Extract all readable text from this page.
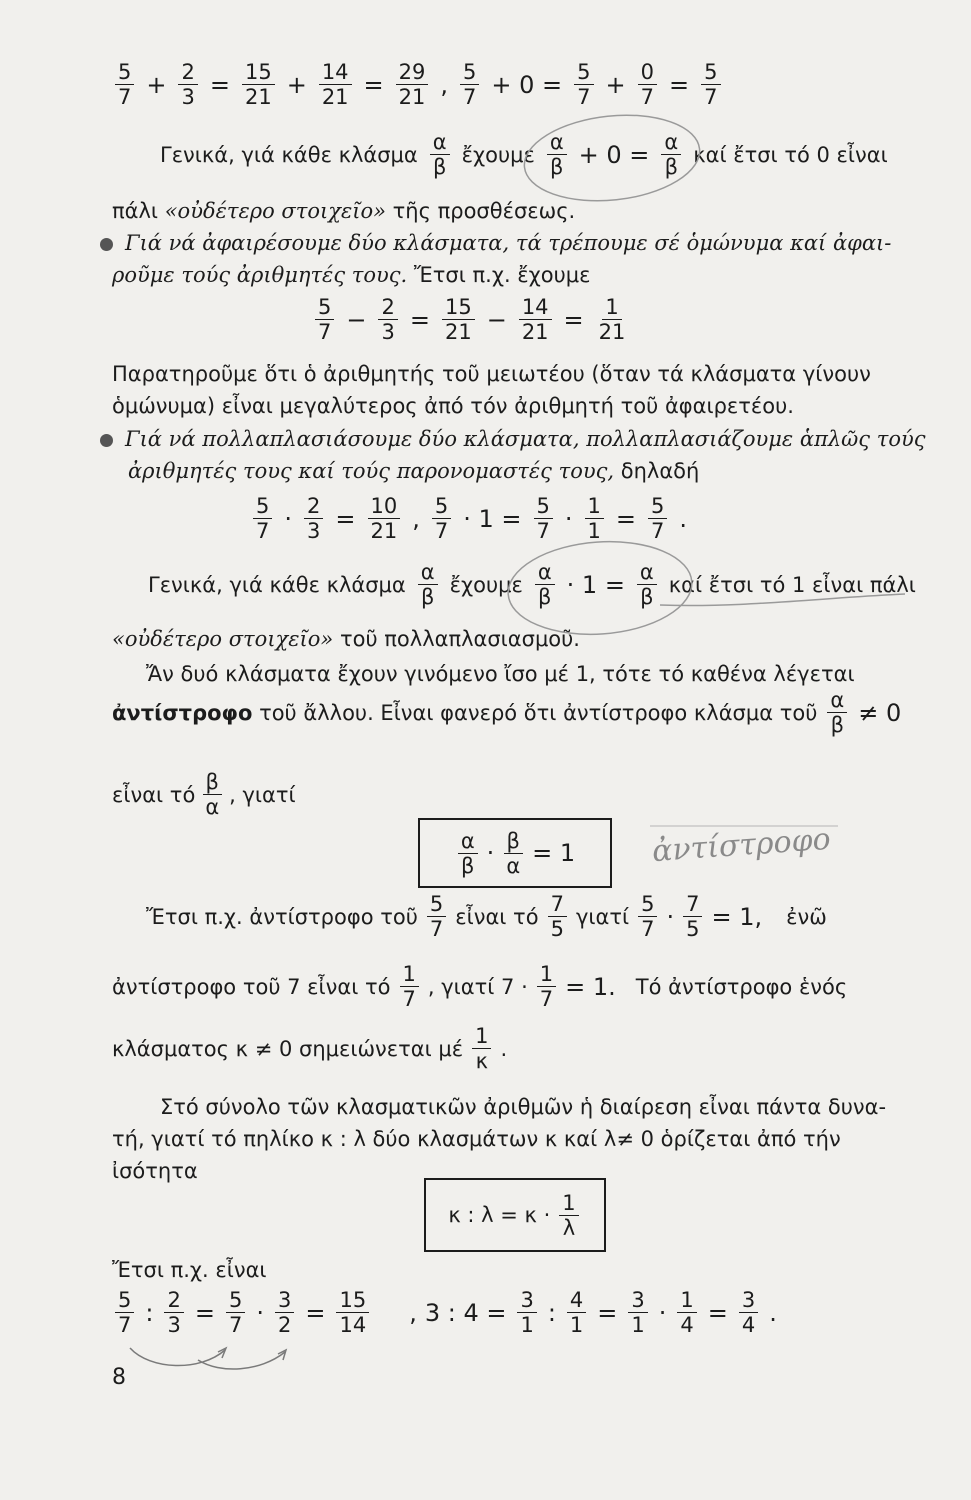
$\frac{5}{7} + \frac{2}{3} = \frac{15}{21} + \frac{14}{21} = \frac{29}{21}$ , $\frac{5}{7} + 0 = \frac{5}{7} + \frac{0}{7} = \frac{5}{7}$
Γενικά, γιά κάθε κλάσμα $\frac{\alpha}{\beta}$ ἔχουμε $\frac{\alpha}{\beta} + 0 = \frac{\alpha}{\beta}$ καί ἔτσι τό 0 εἶναι
πάλι «οὐδέτερο στοιχεῖο» τῆς προσθέσεως.
Γιά νά ἀφαιρέσουμε δύο κλάσματα, τά τρέπουμε σέ ὁμώνυμα καί ἀφαι-
ροῦμε τούς ἀριθμητές τους. Ἔτσι π.χ. ἔχουμε
$\frac{5}{7} - \frac{2}{3} = \frac{15}{21} - \frac{14}{21} = \frac{1}{21}$
Παρατηροῦμε ὅτι ὁ ἀριθμητής τοῦ μειωτέου (ὅταν τά κλάσματα γίνουν
ὁμώνυμα) εἶναι μεγαλύτερος ἀπό τόν ἀριθμητή τοῦ ἀφαιρετέου.
Γιά νά πολλαπλασιάσουμε δύο κλάσματα, πολλαπλασιάζουμε ἁπλῶς τούς
ἀριθμητές τους καί τούς παρονομαστές τους, δηλαδή
$\frac{5}{7} \cdot \frac{2}{3} = \frac{10}{21}$ , $\frac{5}{7} \cdot 1 = \frac{5}{7} \cdot \frac{1}{1} = \frac{5}{7}$ .
Γενικά, γιά κάθε κλάσμα $\frac{\alpha}{\beta}$ ἔχουμε $\frac{\alpha}{\beta} \cdot 1 = \frac{\alpha}{\beta}$ καί ἔτσι τό 1 εἶναι πάλι
«οὐδέτερο στοιχεῖο» τοῦ πολλαπλασιασμοῦ.
Ἄν δυό κλάσματα ἔχουν γινόμενο ἴσο μέ 1, τότε τό καθένα λέγεται
ἀντίστροφο τοῦ ἄλλου. Εἶναι φανερό ὅτι ἀντίστροφο κλάσμα τοῦ $\frac{\alpha}{\beta} \ne 0$
εἶναι τό $\frac{\beta}{\alpha}$ , γιατί
$\frac{\alpha}{\beta} \cdot \frac{\beta}{\alpha} = 1$	ἀντίστροφο
Ἔτσι π.χ. ἀντίστροφο τοῦ $\frac{5}{7}$ εἶναι τό $\frac{7}{5}$ γιατί $\frac{5}{7} \cdot \frac{7}{5} = 1$, ἐνῶ
ἀντίστροφο τοῦ 7 εἶναι τό $\frac{1}{7}$ , γιατί $7 \cdot \frac{1}{7} = 1$. Τό ἀντίστροφο ἑνός
κλάσματος κ ≠ 0 σημειώνεται μέ $\frac{1}{\kappa}$ .
Στό σύνολο τῶν κλασματικῶν ἀριθμῶν ἡ διαίρεση εἶναι πάντα δυνα-
τή, γιατί τό πηλίκο κ : λ δύο κλασμάτων κ καί λ≠ 0 ὁρίζεται ἀπό τήν
ἰσότητα
κ : $\lambda = \kappa \cdot \frac{1}{\lambda}$
Ἔτσι π.χ. εἶναι
$\frac{5}{7}$ : $\frac{2}{3} = \frac{5}{7} \cdot \frac{3}{2} = \frac{15}{14}$ , 3 : $4 = \frac{3}{1}$ : $\frac{4}{1} = \frac{3}{1} \cdot \frac{1}{4} = \frac{3}{4}$ .
8
